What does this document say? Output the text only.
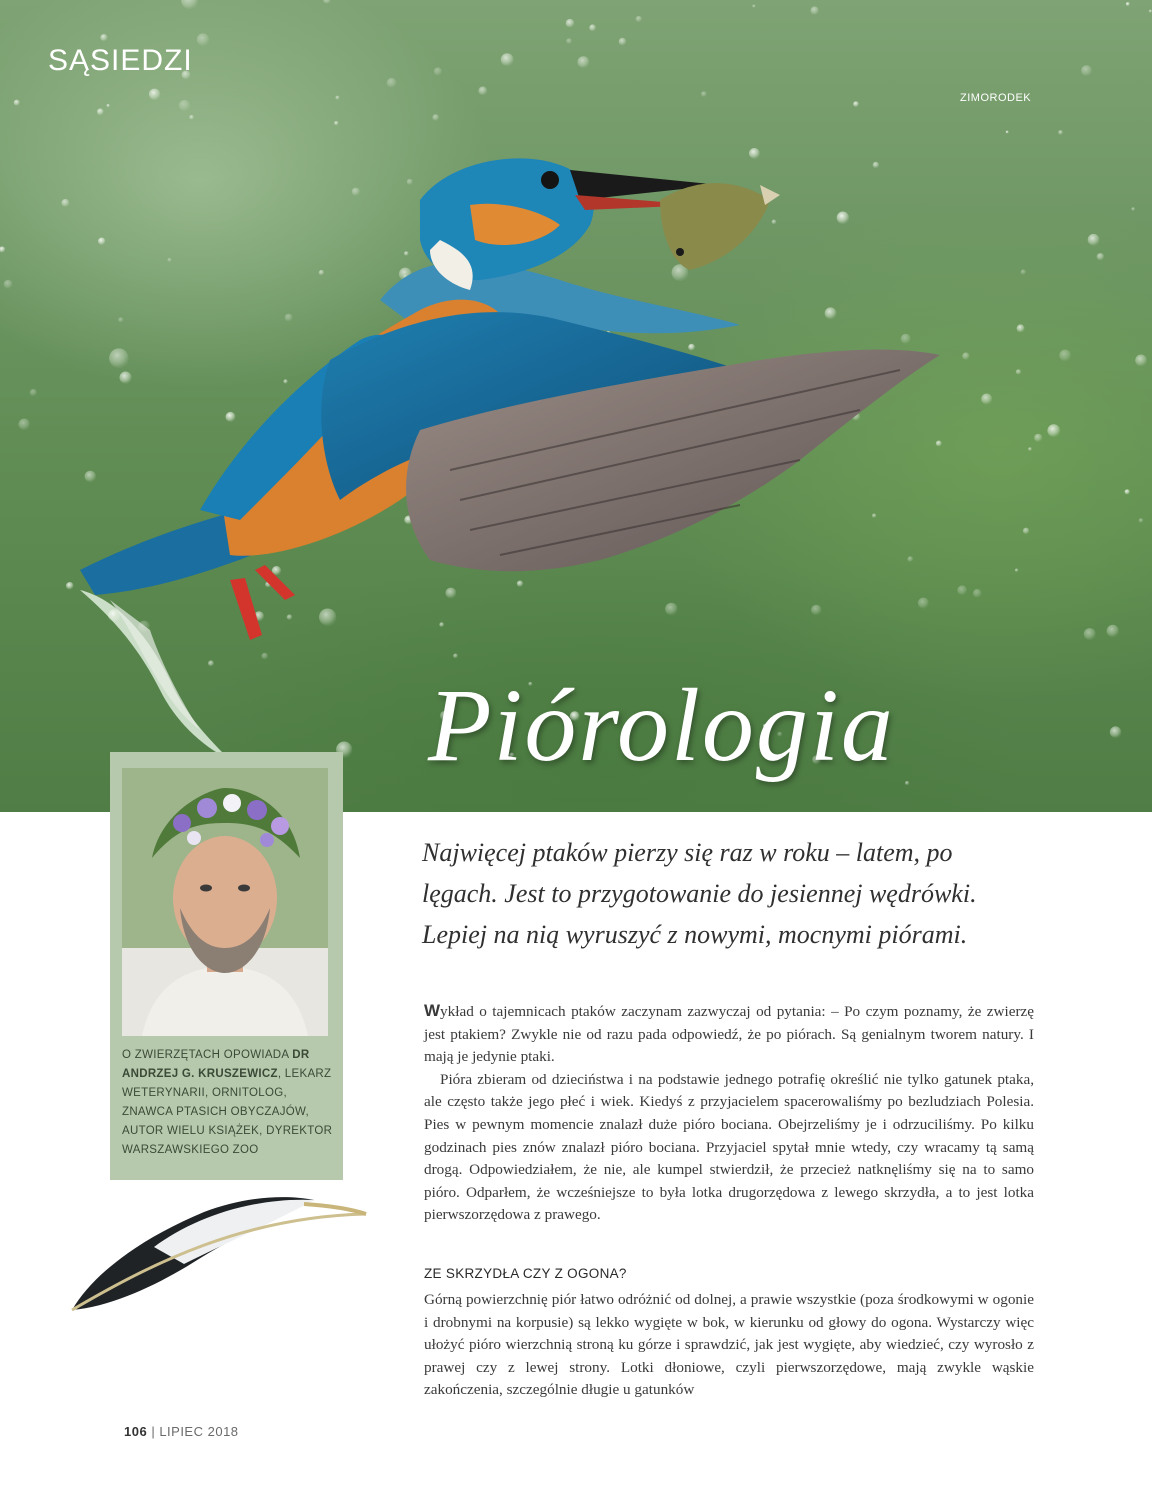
SĄSIEDZI
ZIMORODEK
Piórologia
O ZWIERZĘTACH OPOWIADA DR ANDRZEJ G. KRUSZEWICZ, LEKARZ WETERYNARII, ORNITOLOG, ZNAWCA PTASICH OBYCZAJÓW, AUTOR WIELU KSIĄŻEK, DYREKTOR WARSZAWSKIEGO ZOO
Najwięcej ptaków pierzy się raz w roku – latem, po lęgach. Jest to przygotowanie do jesiennej wędrówki. Lepiej na nią wyruszyć z nowymi, mocnymi piórami.

Wykład o tajemnicach ptaków zaczynam zazwyczaj od pytania: – Po czym poznamy, że zwierzę jest ptakiem? Zwykle nie od razu pada odpowiedź, że po piórach. Są genialnym tworem natury. I mają je jedynie ptaki.

Pióra zbieram od dzieciństwa i na podstawie jednego potrafię określić nie tylko gatunek ptaka, ale często także jego płeć i wiek. Kiedyś z przyjacielem spacerowaliśmy po bezludziach Polesia. Pies w pewnym momencie znalazł duże pióro bociana. Obejrzeliśmy je i odrzuciliśmy. Po kilku godzinach pies znów znalazł pióro bociana. Przyjaciel spytał mnie wtedy, czy wracamy tą samą drogą. Odpowiedziałem, że nie, ale kumpel stwierdził, że przecież natknęliśmy się na to samo pióro. Odparłem, że wcześniejsze to była lotka drugorzędowa z lewego skrzydła, a to jest lotka pierwszorzędowa z prawego.

ZE SKRZYDŁA CZY Z OGONA?

Górną powierzchnię piór łatwo odróżnić od dolnej, a prawie wszystkie (poza środkowymi w ogonie i drobnymi na korpusie) są lekko wygięte w bok, w kierunku od głowy do ogona. Wystarczy więc ułożyć pióro wierzchnią stroną ku górze i sprawdzić, jak jest wygięte, aby wiedzieć, czy wyrosło z prawej czy z lewej strony. Lotki dłoniowe, czyli pierwszorzędowe, mają zwykle wąskie zakończenia, szczególnie długie u gatunków

106 | LIPIEC 2018
